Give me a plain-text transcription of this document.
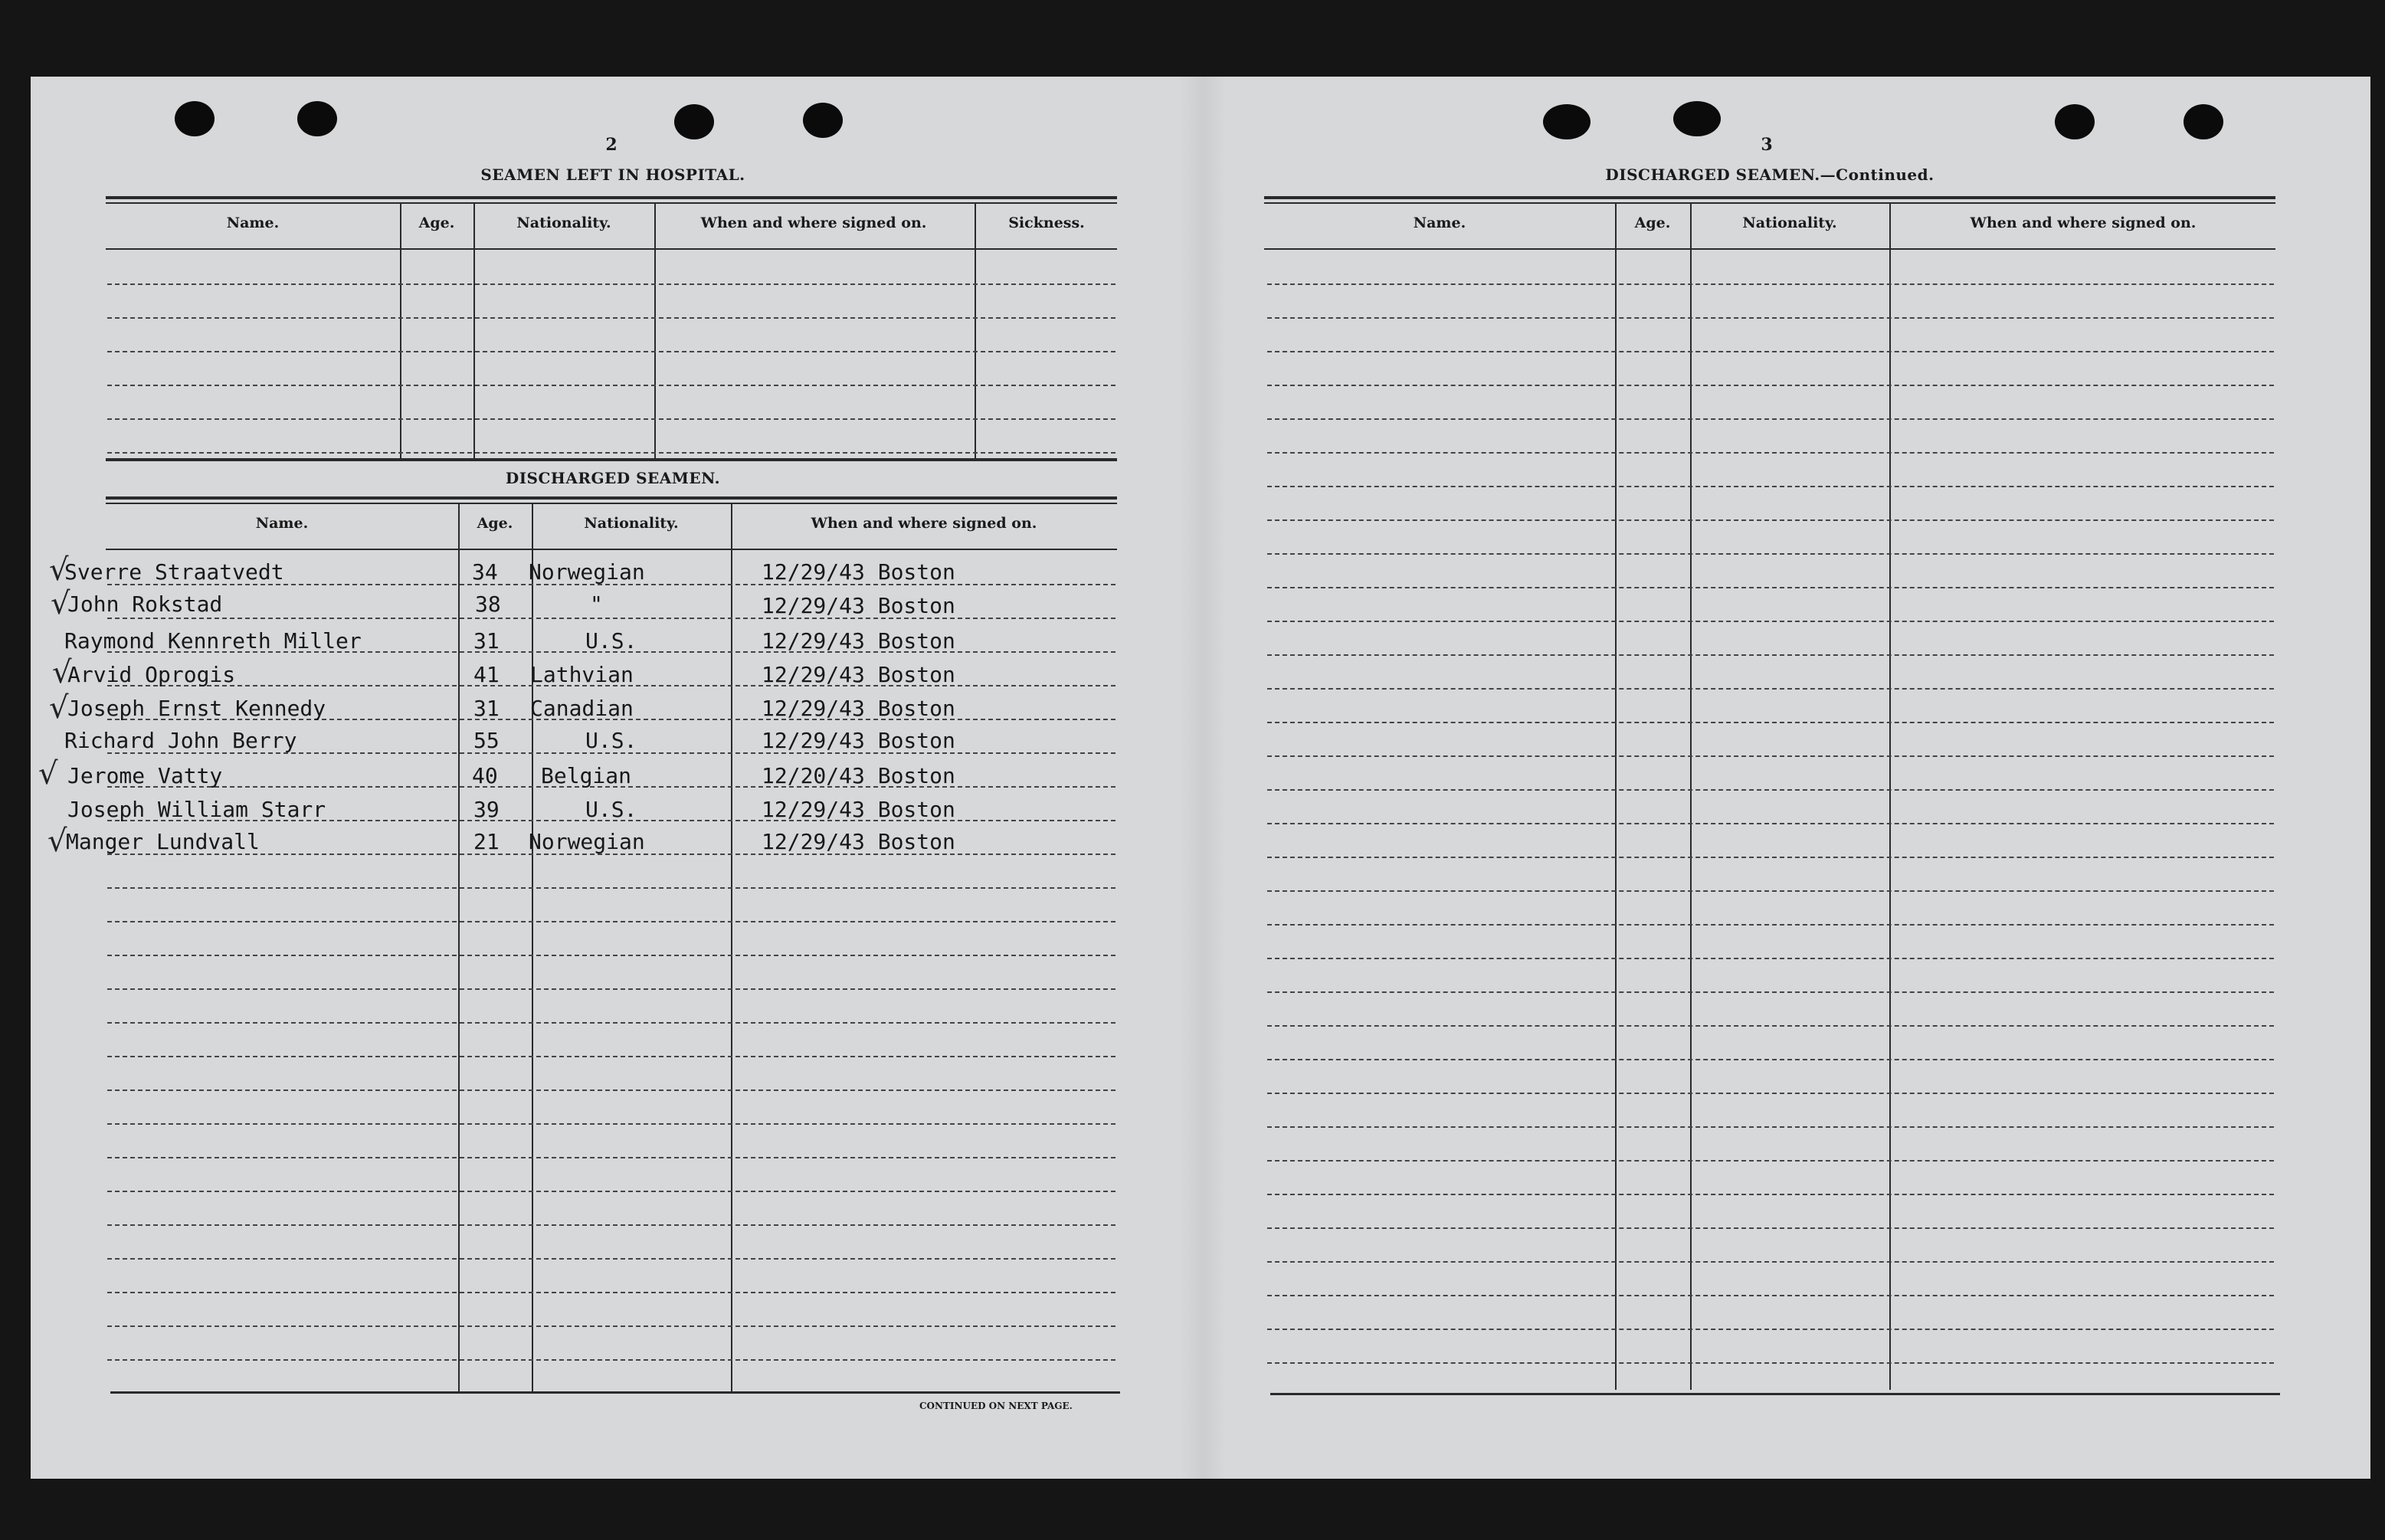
2
SEAMEN LEFT IN HOSPITAL.
Name.	Age.	Nationality.	When and where signed on.	Sickness.
DISCHARGED SEAMEN.
Name.	Age.	Nationality.	When and where signed on.
CONTINUED ON NEXT PAGE.
√
Sverre Straatvedt	34 Norwegian	12/29/43 Boston
√
John Rokstad	38	"	12/29/43 Boston
Raymond Kennreth Miller	31	U.S.	12/29/43 Boston
√
Arvid Oprogis	41 Lathvian	12/29/43 Boston
√
Joseph Ernst Kennedy	31 Canadian	12/29/43 Boston
Richard John Berry	55	U.S.	12/29/43 Boston
√ Jerome Vatty	40 Belgian	12/20/43 Boston
Joseph William Starr	39	U.S.	12/29/43 Boston
√
Manger Lundvall	21 Norwegian	12/29/43 Boston
3
DISCHARGED SEAMEN.—Continued.
Name.	Age.	Nationality.	When and where signed on.
